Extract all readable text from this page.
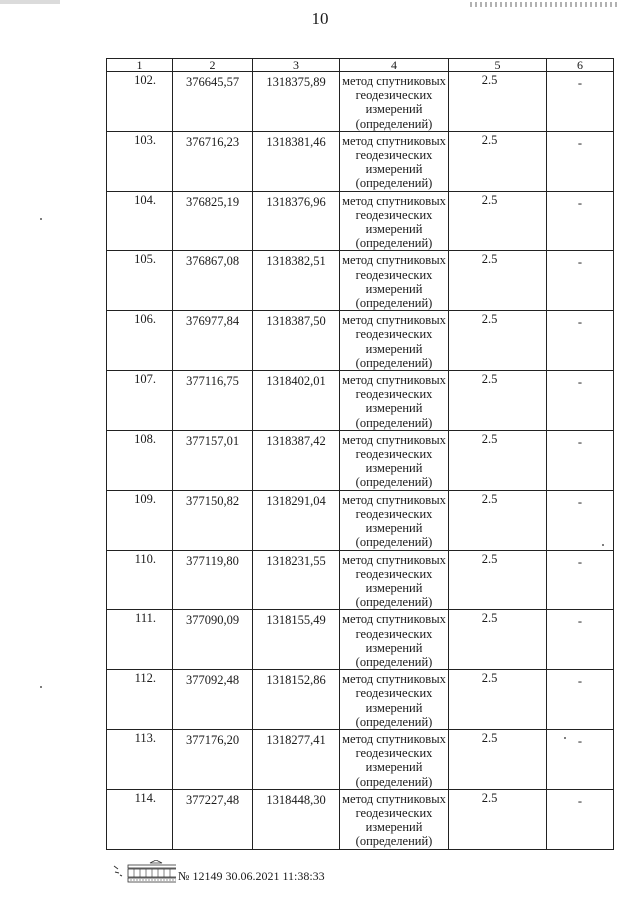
10
1	2	3	4	5	6
102.	376645,57	1318375,89	метод спутниковых геодезических измерений (определений)	2.5	-
103.	376716,23	1318381,46	метод спутниковых геодезических измерений (определений)	2.5	-
104.	376825,19	1318376,96	метод спутниковых геодезических измерений (определений)	2.5	-
105.	376867,08	1318382,51	метод спутниковых геодезических измерений (определений)	2.5	-
106.	376977,84	1318387,50	метод спутниковых геодезических измерений (определений)	2.5	-
107.	377116,75	1318402,01	метод спутниковых геодезических измерений (определений)	2.5	-
108.	377157,01	1318387,42	метод спутниковых геодезических измерений (определений)	2.5	-
109.	377150,82	1318291,04	метод спутниковых геодезических измерений (определений)	2.5	-
110.	377119,80	1318231,55	метод спутниковых геодезических измерений (определений)	2.5	-
111.	377090,09	1318155,49	метод спутниковых геодезических измерений (определений)	2.5	-
112.	377092,48	1318152,86	метод спутниковых геодезических измерений (определений)	2.5	-
113.	377176,20	1318277,41	метод спутниковых геодезических измерений (определений)	2.5	-
114.	377227,48	1318448,30	метод спутниковых геодезических измерений (определений)	2.5	-
№ 12149 30.06.2021 11:38:33
